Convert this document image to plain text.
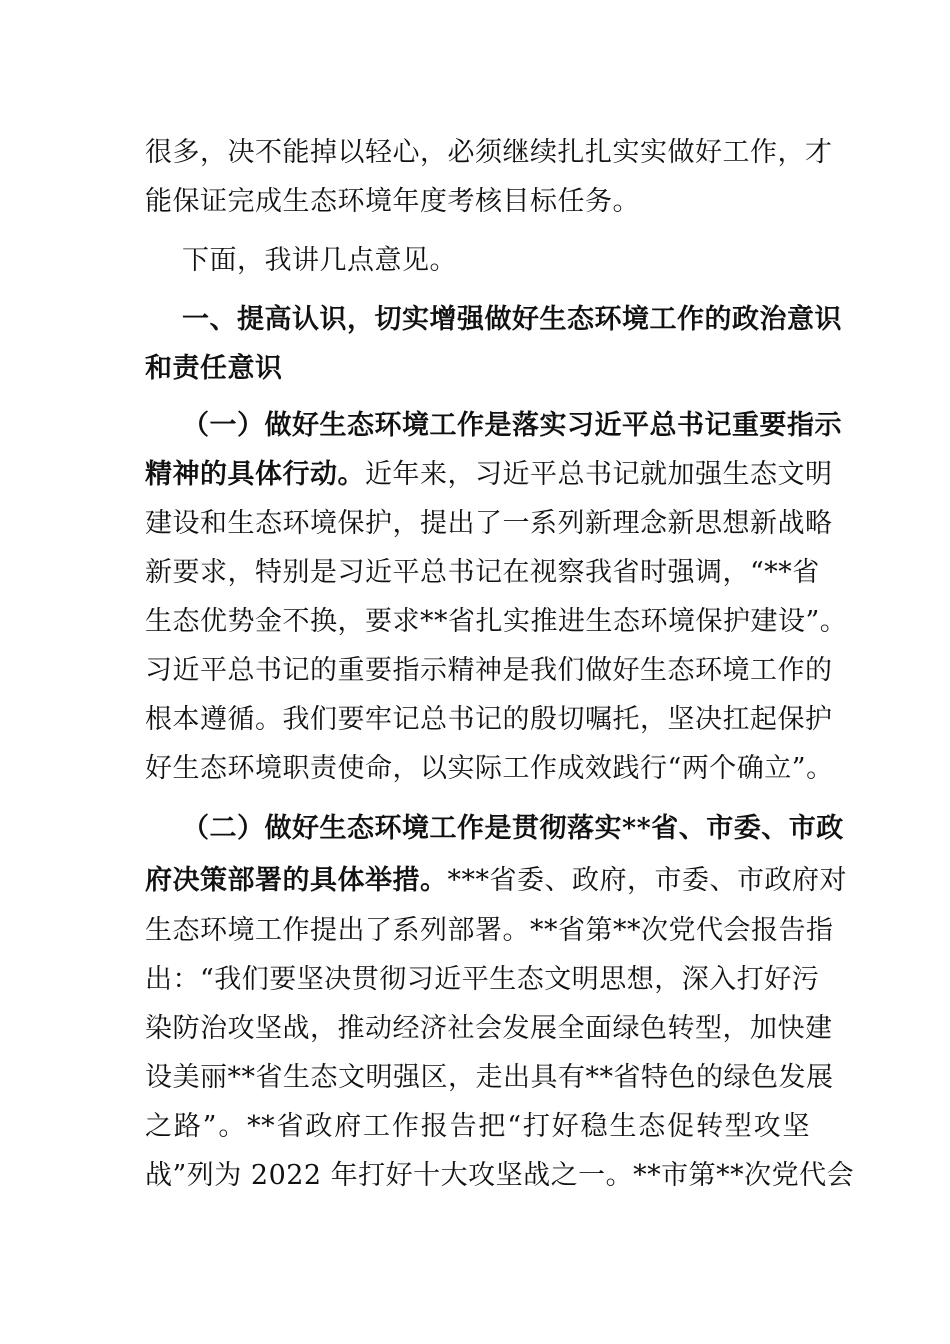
很多，决不能掉以轻心，必须继续扎扎实实做好工作，才
能保证完成生态环境年度考核目标任务。
下面，我讲几点意见。
一、提高认识，切实增强做好生态环境工作的政治意识
和责任意识
（一）做好生态环境工作是落实习近平总书记重要指示
精神的具体行动。近年来，习近平总书记就加强生态文明
建设和生态环境保护，提出了一系列新理念新思想新战略
新要求，特别是习近平总书记在视察我省时强调，“**省
生态优势金不换，要求**省扎实推进生态环境保护建设”。
习近平总书记的重要指示精神是我们做好生态环境工作的
根本遵循。我们要牢记总书记的殷切嘱托，坚决扛起保护
好生态环境职责使命，以实际工作成效践行“两个确立”。
（二）做好生态环境工作是贯彻落实**省、市委、市政
府决策部署的具体举措。***省委、政府，市委、市政府对
生态环境工作提出了系列部署。**省第**次党代会报告指
出：“我们要坚决贯彻习近平生态文明思想，深入打好污
染防治攻坚战，推动经济社会发展全面绿色转型，加快建
设美丽**省生态文明强区，走出具有**省特色的绿色发展
之路”。**省政府工作报告把“打好稳生态促转型攻坚
战”列为 2022 年打好十大攻坚战之一。**市第**次党代会
